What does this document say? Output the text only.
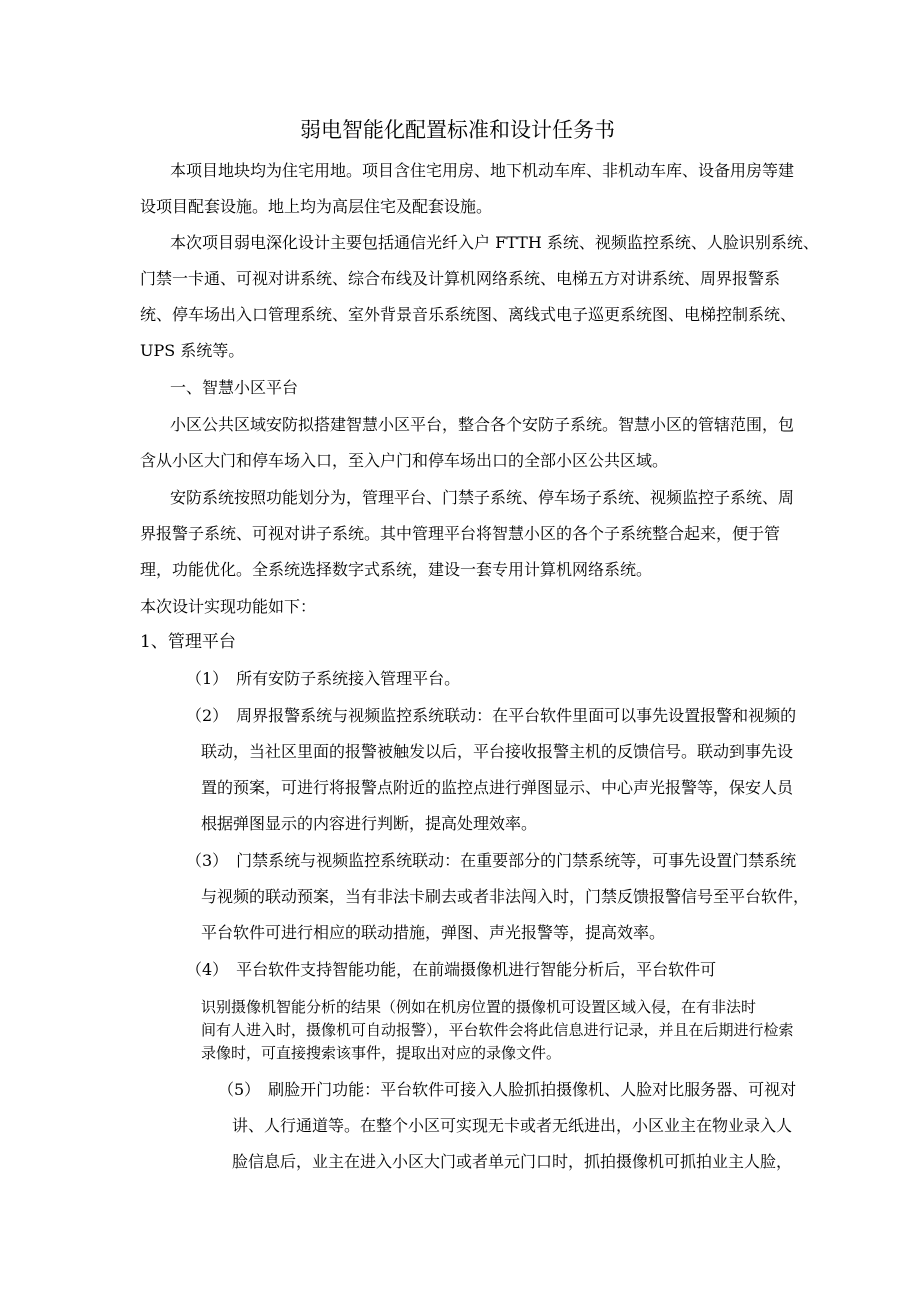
弱电智能化配置标准和设计任务书
本项目地块均为住宅用地。项目含住宅用房、地下机动车库、非机动车库、设备用房等建
设项目配套设施。地上均为高层住宅及配套设施。
本次项目弱电深化设计主要包括通信光纤入户 FTTH 系统、视频监控系统、人脸识别系统、
门禁一卡通、可视对讲系统、综合布线及计算机网络系统、电梯五方对讲系统、周界报警系
统、停车场出入口管理系统、室外背景音乐系统图、离线式电子巡更系统图、电梯控制系统、
UPS 系统等。
一、智慧小区平台
小区公共区域安防拟搭建智慧小区平台，整合各个安防子系统。智慧小区的管辖范围，包
含从小区大门和停车场入口，至入户门和停车场出口的全部小区公共区域。
安防系统按照功能划分为，管理平台、门禁子系统、停车场子系统、视频监控子系统、周
界报警子系统、可视对讲子系统。其中管理平台将智慧小区的各个子系统整合起来，便于管
理，功能优化。全系统选择数字式系统，建设一套专用计算机网络系统。
本次设计实现功能如下：
1、管理平台
（1）　所有安防子系统接入管理平台。
（2）　周界报警系统与视频监控系统联动：在平台软件里面可以事先设置报警和视频的
联动，当社区里面的报警被触发以后，平台接收报警主机的反馈信号。联动到事先设
置的预案，可进行将报警点附近的监控点进行弹图显示、中心声光报警等，保安人员
根据弹图显示的内容进行判断，提高处理效率。
（3）　门禁系统与视频监控系统联动：在重要部分的门禁系统等，可事先设置门禁系统
与视频的联动预案，当有非法卡刷去或者非法闯入时，门禁反馈报警信号至平台软件，
平台软件可进行相应的联动措施，弹图、声光报警等，提高效率。
（4）　平台软件支持智能功能，在前端摄像机进行智能分析后，平台软件可
识别摄像机智能分析的结果（例如在机房位置的摄像机可设置区域入侵，在有非法时
间有人进入时，摄像机可自动报警），平台软件会将此信息进行记录，并且在后期进行检索
录像时，可直接搜索该事件，提取出对应的录像文件。
（5）　刷脸开门功能：平台软件可接入人脸抓拍摄像机、人脸对比服务器、可视对
讲、人行通道等。在整个小区可实现无卡或者无纸进出，小区业主在物业录入人
脸信息后，业主在进入小区大门或者单元门口时，抓拍摄像机可抓拍业主人脸，
